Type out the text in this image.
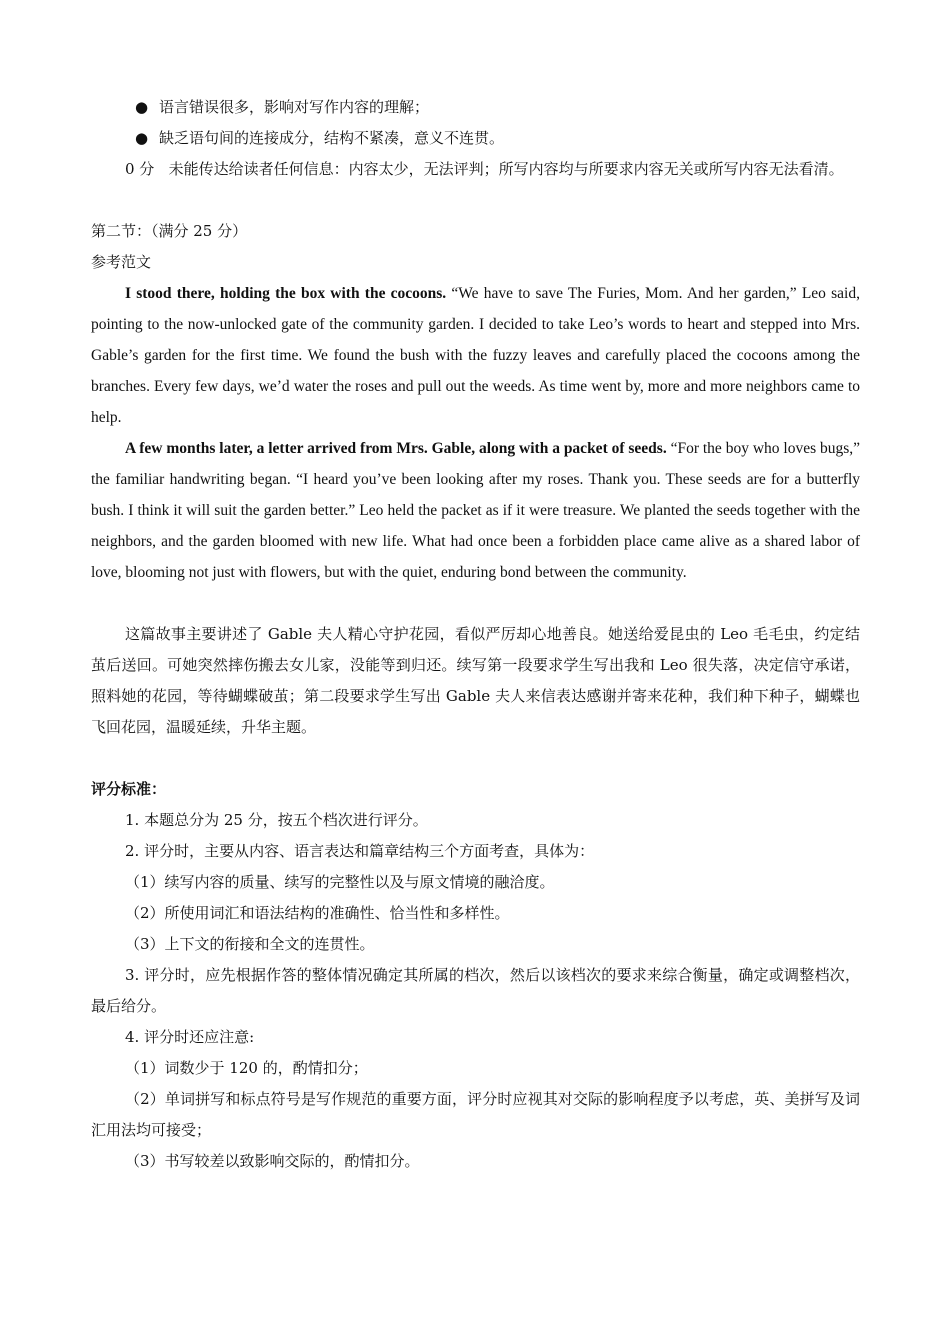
● 语言错误很多，影响对写作内容的理解；

● 缺乏语句间的连接成分，结构不紧凑，意义不连贯。

0 分 未能传达给读者任何信息：内容太少，无法评判；所写内容均与所要求内容无关或所写内容无法看清。

第二节：（满分 25 分）

参考范文

I stood there, holding the box with the cocoons. “We have to save The Furies, Mom. And her garden,” Leo said, pointing to the now-unlocked gate of the community garden. I decided to take Leo’s words to heart and stepped into Mrs. Gable’s garden for the first time. We found the bush with the fuzzy leaves and carefully placed the cocoons among the branches. Every few days, we’d water the roses and pull out the weeds. As time went by, more and more neighbors came to help.

A few months later, a letter arrived from Mrs. Gable, along with a packet of seeds. “For the boy who loves bugs,” the familiar handwriting began. “I heard you’ve been looking after my roses. Thank you. These seeds are for a butterfly bush. I think it will suit the garden better.” Leo held the packet as if it were treasure. We planted the seeds together with the neighbors, and the garden bloomed with new life. What had once been a forbidden place came alive as a shared labor of love, blooming not just with flowers, but with the quiet, enduring bond between the community.

这篇故事主要讲述了 Gable 夫人精心守护花园，看似严厉却心地善良。她送给爱昆虫的 Leo 毛毛虫，约定结茧后送回。可她突然摔伤搬去女儿家，没能等到归还。续写第一段要求学生写出我和 Leo 很失落，决定信守承诺，照料她的花园，等待蝴蝶破茧；第二段要求学生写出 Gable 夫人来信表达感谢并寄来花种，我们种下种子，蝴蝶也飞回花园，温暖延续，升华主题。

评分标准：

1. 本题总分为 25 分，按五个档次进行评分。

2. 评分时，主要从内容、语言表达和篇章结构三个方面考查，具体为：

（1）续写内容的质量、续写的完整性以及与原文情境的融洽度。

（2）所使用词汇和语法结构的准确性、恰当性和多样性。

（3）上下文的衔接和全文的连贯性。

3. 评分时，应先根据作答的整体情况确定其所属的档次，然后以该档次的要求来综合衡量，确定或调整档次，最后给分。

4. 评分时还应注意:

（1）词数少于 120 的，酌情扣分；

（2）单词拼写和标点符号是写作规范的重要方面，评分时应视其对交际的影响程度予以考虑，英、美拼写及词汇用法均可接受；

（3）书写较差以致影响交际的，酌情扣分。
